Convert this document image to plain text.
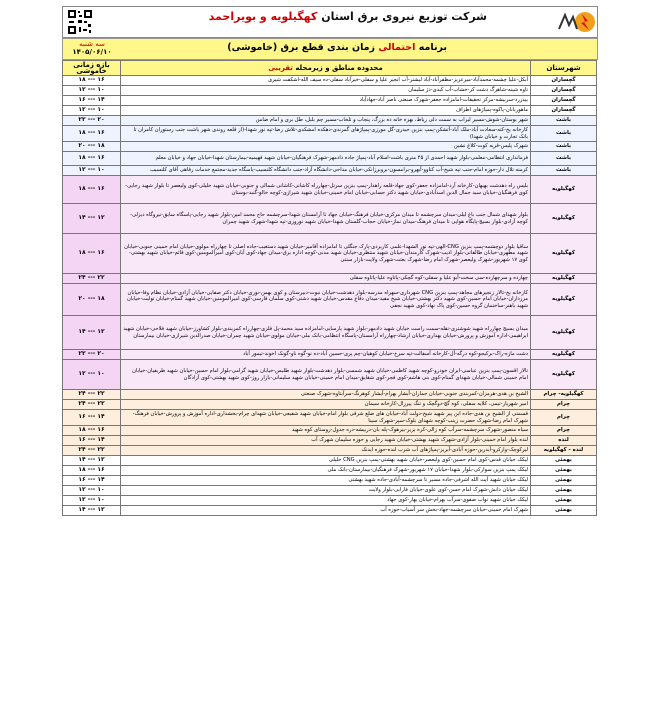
شرکت توزیع نیروی برق استان کهگیلویه و بویراحمد
برنامه احتمالی زمان بندی قطع برق (خاموشی)
سه شنبه
۱۴۰۵/۰۶/۱۰
بازه زمانی خاموشی	محدوده مناطق و زیرمحله تقریبی	شهرستان
۱۸ --- ۱۶	آبکل-علیا چشمه-محمدآباد-میرعزیز-مظفرآباد-آباد لیشتر-آب انجیر علیا و سفلی-خیرآباد سفلی-ده سیف الله-اشکفت شیری	گچساران
۱۲ --- ۱۰	تاوه شینه-شاهرگ دشت کر-خشاب-آب کبدی-دژ سلیمان	گچساران
۱۶ --- ۱۴	بیدزرد-سربیشه-مرکز تحقیقات-امامزاده جعفر-شهرک صنعتی ناصر آباد-جهادآباد	گچساران
۱۲ --- ۱۰	ماهوربانان-پاکوه-پمپاژهای اطراف	گچساران
۲۲ --- ۲۰	شهر بوستان-شوش-مسیر لیراب به سمت دلی ریاط، بهره خانه ده بزرگ، پنجاب و تلخاب-مسیر چم بلبل، طل بری و امام ضامن	باشت
۱۸ --- ۱۶	کارخانه یخ-کته-سعادت آباد-ملک آباد-آتشکن-پمپ بنزین حیدری-گل مورزی-پمپاژهای گمرندی-دهکده امشکدی-تلاش رضا-تپه نور شهدا-(از قلعه روندی شهر باشت جنب رستوران کامران تا بانک تجارت و خیابان شهدا)	باشت
۲۰ --- ۱۸	شهرک پلیس-قریه کوت-کلاغ نشین	باشت
۱۸ --- ۱۶	فرمانداری انتظامی-معلمی-بلوار شهید احمدی از ۴۵ متری باشت-اسلام آباد-پمپاژ جاده دادمهر-شهرک فرهنگیان-خیابان شهید فهیمیه-بیمارستان شهدا-خیابان جهاد و خیابان معلم	باشت
۱۲ --- ۱۰	کرمنه تلال دار-حوزه امام-جنب تپه شیخ-آب کناوو-آبهرو-برامسون-بروبرزانکی-خیابان مداحی-دانشگاه آزاد-جنب دانشگاه کلنسیب-پاسگاه جدید-مجتمع خدمات رفاهی آقای کلنسیب	باشت
۱۸ --- ۱۶	بلیس راه دهدشت بهبهان-کارخانه آرد-امامزاده جعفر-کوی جهاد-قلعه راهدار-پمپ بنزین سرتل-چهارراه کاشانی-کاشانی شمالی و جنوبی-خیابان شهید خلیلی-کوی ولیعصر تا بلوار شهید رجایی-کوی فرهنگیان-خیابان سید جمال الدین اسدآبادی-خیابان شهید دکتر حسابی-خیابان امام خمینی-خیابان شهید شیرازی-کوچه خالو-گنبد-بوستان	کهگیلویه
۱۴ --- ۱۲	بلوار شهدای شمال جنب باغ لیلی-میدان سرچشمه تا میدان مرکزی-خیابان فرهنگ-خیابان جهاد تا آرامستان شهدا-سرچشمه حاج محمد امین-بلوار شهید رجایی-پاسگاه سابق-نیروگاه دیزلی-کوچه آزادی-بلوار بسیج-پایگاه هوایی تا میدان فرهنگ-میدان نماز-خیابان حجاب-گلستان شهدا-خیابان شهید نوروزی-تپه شهدا-شهرک شهید چمران	کهگیلویه
۱۸ --- ۱۶	ساقیا بلوار دوچشمه-پمپ بنزین CNG-الهی-تپه نور الشهدا-علمی کاربردی-پارک جنگلی تا امامزاده آقامیر-خیابان شهید دستغیب-جاده اصلی تا چهارراه مولوی-خیابان امام خمینی جنوبی-خیابان شهید مطهری-خیابان طالقانی-بلوار ادیب-شهرک کارمندان-خیابان شهید منتظری-خیابان شهید مدنی-کوچه اداره برق-میدان جهاد-کوی آبان-کوی امیرالمومنین-کوی قائم-خیابان شهید بهشتی-کوی ۱۷ شهریور-شهرک ولیعصر-شهرک امام رضا-شهرک بعثت-شهرک ولایت-بازار سنتی	کهگیلویه
۲۴ --- ۲۲	چهارده و سرچهارده-سی سخت-آبو علیا و سفلی-کوه گچکی-پاتاوه علیا-پاتاوه سفلی	کهگیلویه
۲۰ --- ۱۸	کارخانه یخ-تالار زنجیرهای مجاهد-پمپ بنزین CNG شهرداری-سهراه مدرسه-بلوار دهدشت-خیابان نبوت-دبیرستان و کوی بهمن-نوری-خیابان دکتر صفایی-خیابان آزادی-خیابان نظام وفا-خیابان مرزداران-خیابان امام حسین-کوی شهید دکتر بهشتی-خیابان شیخ مفید-میدان دفاع مقدس-خیابان شهید دشتی-کوی سلمان فارسی-کوی امیرالمومنین-خیابان شهید گمنام-خیابان تولیت-خیابان شهید باهنر-ساختمان گروه حسین-کوی پاک نهاد-کوی شهید نجفی	کهگیلویه
۱۴ --- ۱۲	میدان بسیج چهارراه شهید شوشتری-نقله-سمت راست خیابان شهید دادمهر-بلوار شهید پارسایی-امامزاده سید محمد-پل فلزی-چهارراه کمربندی-بلوار کشاورز-خیابان شهید فلاحی-خیابان شهید ابراهیمی-اداره آموزش و پرورش-خیابان بهداری-خیابان ارشاد-چهارراه آرامستان-پاسگاه انتظامی-بانک ملی-خیابان مولوی-خیابان شهید چمران-خیابان صدرالدین شیرازی-خیابان بیمارستان	کهگیلویه
۲۲ --- ۲۰	دشت مازه-راک-برکیجو-کوه درگه-آل-کارخانه آسفالت-تپه سرخ-خیابان کوهیان-چم پری-حسین آباد-ده نو-گوه ناو-گونک اخوند-تیمور آباد	کهگیلویه
۱۲ --- ۱۰	تالار اقسون-پمپ بنزین عباسی-ایران خودرو-کوچه شهید کاظمی-خیابان شهید شمسی-بلوار دهدشت-بلوار شهید طلیس-خیابان شهید گرامی-بلوار امام حسین-خیابان شهید ظریفیان-خیابان امام خمینی شمالی-خیابان شهدای گمنام-کوی بنی هاشم-کوی فجر-کوی شقایق-میدان امام خمینی-خیابان شهید سلیمانی-بازار روز-کوی شهید بهشتی-کوی آزادگان	کهگیلویه
۲۴ --- ۲۲	الشیخ بن هدی-هرمزان-کمربندی جنوبی-خیابان جماران-آبشار بهرام-آبشار کوهرنگ-سرآبتاوه-شهرک صنعتی	کهگیلویه- چرام
۲۴ --- ۲۲	امیر شهریار-تیمی، کلایه سفلی، کوه گچ-دوگچک و تنگ پیرزال-کارخانه سیمان	چرام
۱۶ --- ۱۴	قسمتی از الشیخ بن هدی-جاده ابن پیر شهید شیخ-دولت آباد-خیابان های ضلع شرقی بلوار امام-خیابان شهید شفیعی-خیابان شهدای چرام-بخشداری-اداره آموزش و پرورش-خیابان فرهنگ-شهرک امام رضا-شهرک حضرت زینب-کوچه شهدای بلوک-سپر-شهرک سینا	چرام
۱۸ --- ۱۶	سیاه منصور-شهرک سرچشمه-سرآب کوه زالی-کره بزیر-بیرهوک-پله بان-دربیشه-دره جدول-روستای کوه شهید	چرام
۱۶ --- ۱۴	لنده بلوار امام خمینی-بلوار آزادی-شهرک شهید بهشتی-خیابان شهید رجایی و حوزه سلیمان شهرک آب	لنده
۲۴ --- ۲۲	لیرکوچک-واركرو-آبدرین-حوزه آبادی-آبریز-پمپاژهای آب شرب لنده-حوزه ایدنک	لنده - کهگیلویه
۱۴ --- ۱۲	لیکک خیابان قدس-کوی امام حسین-کوی ولیعصر-خیابان شهید بهشتی-پمپ بنزین CNG خلیلی	بهمئی
۱۸ --- ۱۶	لیکک پمپ بنزین سوارکی-بلوار شهدا-خیابان ۱۷ شهریور-شهرک فرهنگیان-بیمارستان-بانک ملی	بهمئی
۱۶ --- ۱۴	لیکک خیابان شهید آیت الله اشرفی-جاده مسیر تا سرچشمه-آبادی-جاده شهید بهشتی	بهمئی
۱۲ --- ۱۰	لیکک خیابان دانش-شهرک امام حسن-کوی علوی-خیابان فارابی-بلوار ولایت	بهمئی
۱۲ --- ۱۰	لیکک خیابان شهید نواب صفوی-سرآب بهرام-خیابان بهار-کوی جهاد	بهمئی
۱۴ --- ۱۲	شهرک امام خمینی-خیابان سرچشمه-جهاد-بخش سر آسیاب-حوزه آب	بهمئی
